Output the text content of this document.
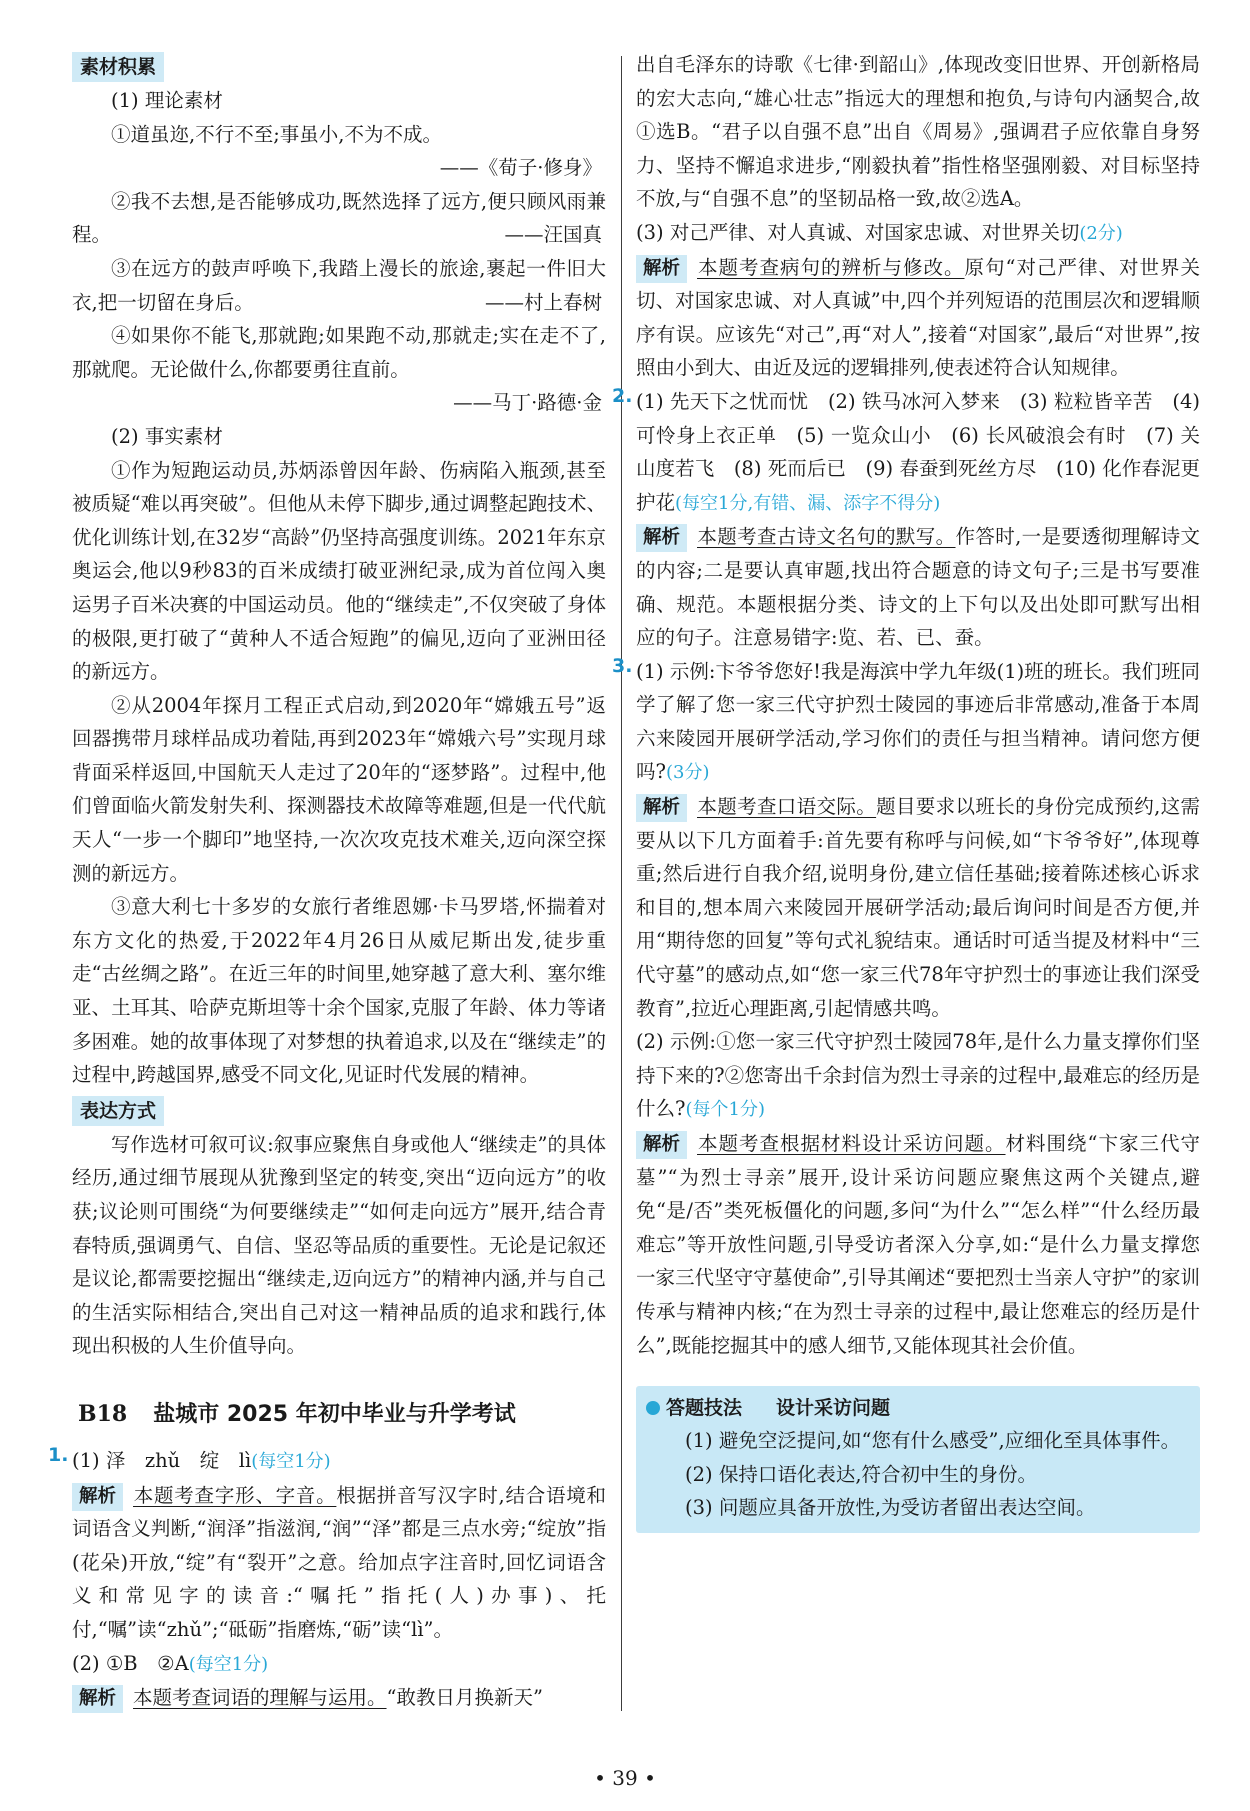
素材积累

(1) 理论素材

①道虽迩,不行不至;事虽小,不为不成。

——《荀子·修身》

②我不去想,是否能够成功,既然选择了远方,便只顾风雨兼程。	——汪国真

③在远方的鼓声呼唤下,我踏上漫长的旅途,裹起一件旧大衣,把一切留在身后。	——村上春树

④如果你不能飞,那就跑;如果跑不动,那就走;实在走不了,那就爬。无论做什么,你都要勇往直前。

——马丁·路德·金

(2) 事实素材

①作为短跑运动员,苏炳添曾因年龄、伤病陷入瓶颈,甚至被质疑“难以再突破”。但他从未停下脚步,通过调整起跑技术、优化训练计划,在32岁“高龄”仍坚持高强度训练。2021年东京奥运会,他以9秒83的百米成绩打破亚洲纪录,成为首位闯入奥运男子百米决赛的中国运动员。他的“继续走”,不仅突破了身体的极限,更打破了“黄种人不适合短跑”的偏见,迈向了亚洲田径的新远方。

②从2004年探月工程正式启动,到2020年“嫦娥五号”返回器携带月球样品成功着陆,再到2023年“嫦娥六号”实现月球背面采样返回,中国航天人走过了20年的“逐梦路”。过程中,他们曾面临火箭发射失利、探测器技术故障等难题,但是一代代航天人“一步一个脚印”地坚持,一次次攻克技术难关,迈向深空探测的新远方。

③意大利七十多岁的女旅行者维恩娜·卡马罗塔,怀揣着对东方文化的热爱,于2022年4月26日从威尼斯出发,徒步重走“古丝绸之路”。在近三年的时间里,她穿越了意大利、塞尔维亚、土耳其、哈萨克斯坦等十余个国家,克服了年龄、体力等诸多困难。她的故事体现了对梦想的执着追求,以及在“继续走”的过程中,跨越国界,感受不同文化,见证时代发展的精神。

表达方式

写作选材可叙可议:叙事应聚焦自身或他人“继续走”的具体经历,通过细节展现从犹豫到坚定的转变,突出“迈向远方”的收获;议论则可围绕“为何要继续走”“如何走向远方”展开,结合青春特质,强调勇气、自信、坚忍等品质的重要性。无论是记叙还是议论,都需要挖掘出“继续走,迈向远方”的精神内涵,并与自己的生活实际相结合,突出自己对这一精神品质的追求和践行,体现出积极的人生价值导向。

B18 盐城市 2025 年初中毕业与升学考试
1. (1) 泽　zhǔ　绽　lì(每空1分)

解析 本题考查字形、字音。根据拼音写汉字时,结合语境和词语含义判断,“润泽”指滋润,“润”“泽”都是三点水旁;“绽放”指(花朵)开放,“绽”有“裂开”之意。给加点字注音时,回忆词语含义和常见字的读音:“嘱托”指托(人)办事)、托付,“嘱”读“zhǔ”;“砥砺”指磨炼,“砺”读“lì”。

(2) ①B　②A(每空1分)

解析 本题考查词语的理解与运用。“敢教日月换新天”

出自毛泽东的诗歌《七律·到韶山》,体现改变旧世界、开创新格局的宏大志向,“雄心壮志”指远大的理想和抱负,与诗句内涵契合,故①选B。“君子以自强不息”出自《周易》,强调君子应依靠自身努力、坚持不懈追求进步,“刚毅执着”指性格坚强刚毅、对目标坚持不放,与“自强不息”的坚韧品格一致,故②选A。

(3) 对己严律、对人真诚、对国家忠诚、对世界关切(2分)

解析 本题考查病句的辨析与修改。原句“对己严律、对世界关切、对国家忠诚、对人真诚”中,四个并列短语的范围层次和逻辑顺序有误。应该先“对己”,再“对人”,接着“对国家”,最后“对世界”,按照由小到大、由近及远的逻辑排列,使表述符合认知规律。

2. (1) 先天下之忧而忧　(2) 铁马冰河入梦来　(3) 粒粒皆辛苦　(4) 可怜身上衣正单　(5) 一览众山小　(6) 长风破浪会有时　(7) 关山度若飞　(8) 死而后已　(9) 春蚕到死丝方尽　(10) 化作春泥更护花(每空1分,有错、漏、添字不得分)

解析 本题考查古诗文名句的默写。作答时,一是要透彻理解诗文的内容;二是要认真审题,找出符合题意的诗文句子;三是书写要准确、规范。本题根据分类、诗文的上下句以及出处即可默写出相应的句子。注意易错字:览、若、已、蚕。

3. (1) 示例:卞爷爷您好!我是海滨中学九年级(1)班的班长。我们班同学了解了您一家三代守护烈士陵园的事迹后非常感动,准备于本周六来陵园开展研学活动,学习你们的责任与担当精神。请问您方便吗?(3分)

解析 本题考查口语交际。题目要求以班长的身份完成预约,这需要从以下几方面着手:首先要有称呼与问候,如“卞爷爷好”,体现尊重;然后进行自我介绍,说明身份,建立信任基础;接着陈述核心诉求和目的,想本周六来陵园开展研学活动;最后询问时间是否方便,并用“期待您的回复”等句式礼貌结束。通话时可适当提及材料中“三代守墓”的感动点,如“您一家三代78年守护烈士的事迹让我们深受教育”,拉近心理距离,引起情感共鸣。

(2) 示例:①您一家三代守护烈士陵园78年,是什么力量支撑你们坚持下来的?②您寄出千余封信为烈士寻亲的过程中,最难忘的经历是什么?(每个1分)

解析 本题考查根据材料设计采访问题。材料围绕“卞家三代守墓”“为烈士寻亲”展开,设计采访问题应聚焦这两个关键点,避免“是/否”类死板僵化的问题,多问“为什么”“怎么样”“什么经历最难忘”等开放性问题,引导受访者深入分享,如:“是什么力量支撑您一家三代坚守守墓使命”,引导其阐述“要把烈士当亲人守护”的家训传承与精神内核;“在为烈士寻亲的过程中,最让您难忘的经历是什么”,既能挖掘其中的感人细节,又能体现其社会价值。

答题技法 设计采访问题

(1) 避免空泛提问,如“您有什么感受”,应细化至具体事件。

(2) 保持口语化表达,符合初中生的身份。

(3) 问题应具备开放性,为受访者留出表达空间。

• 39 •
